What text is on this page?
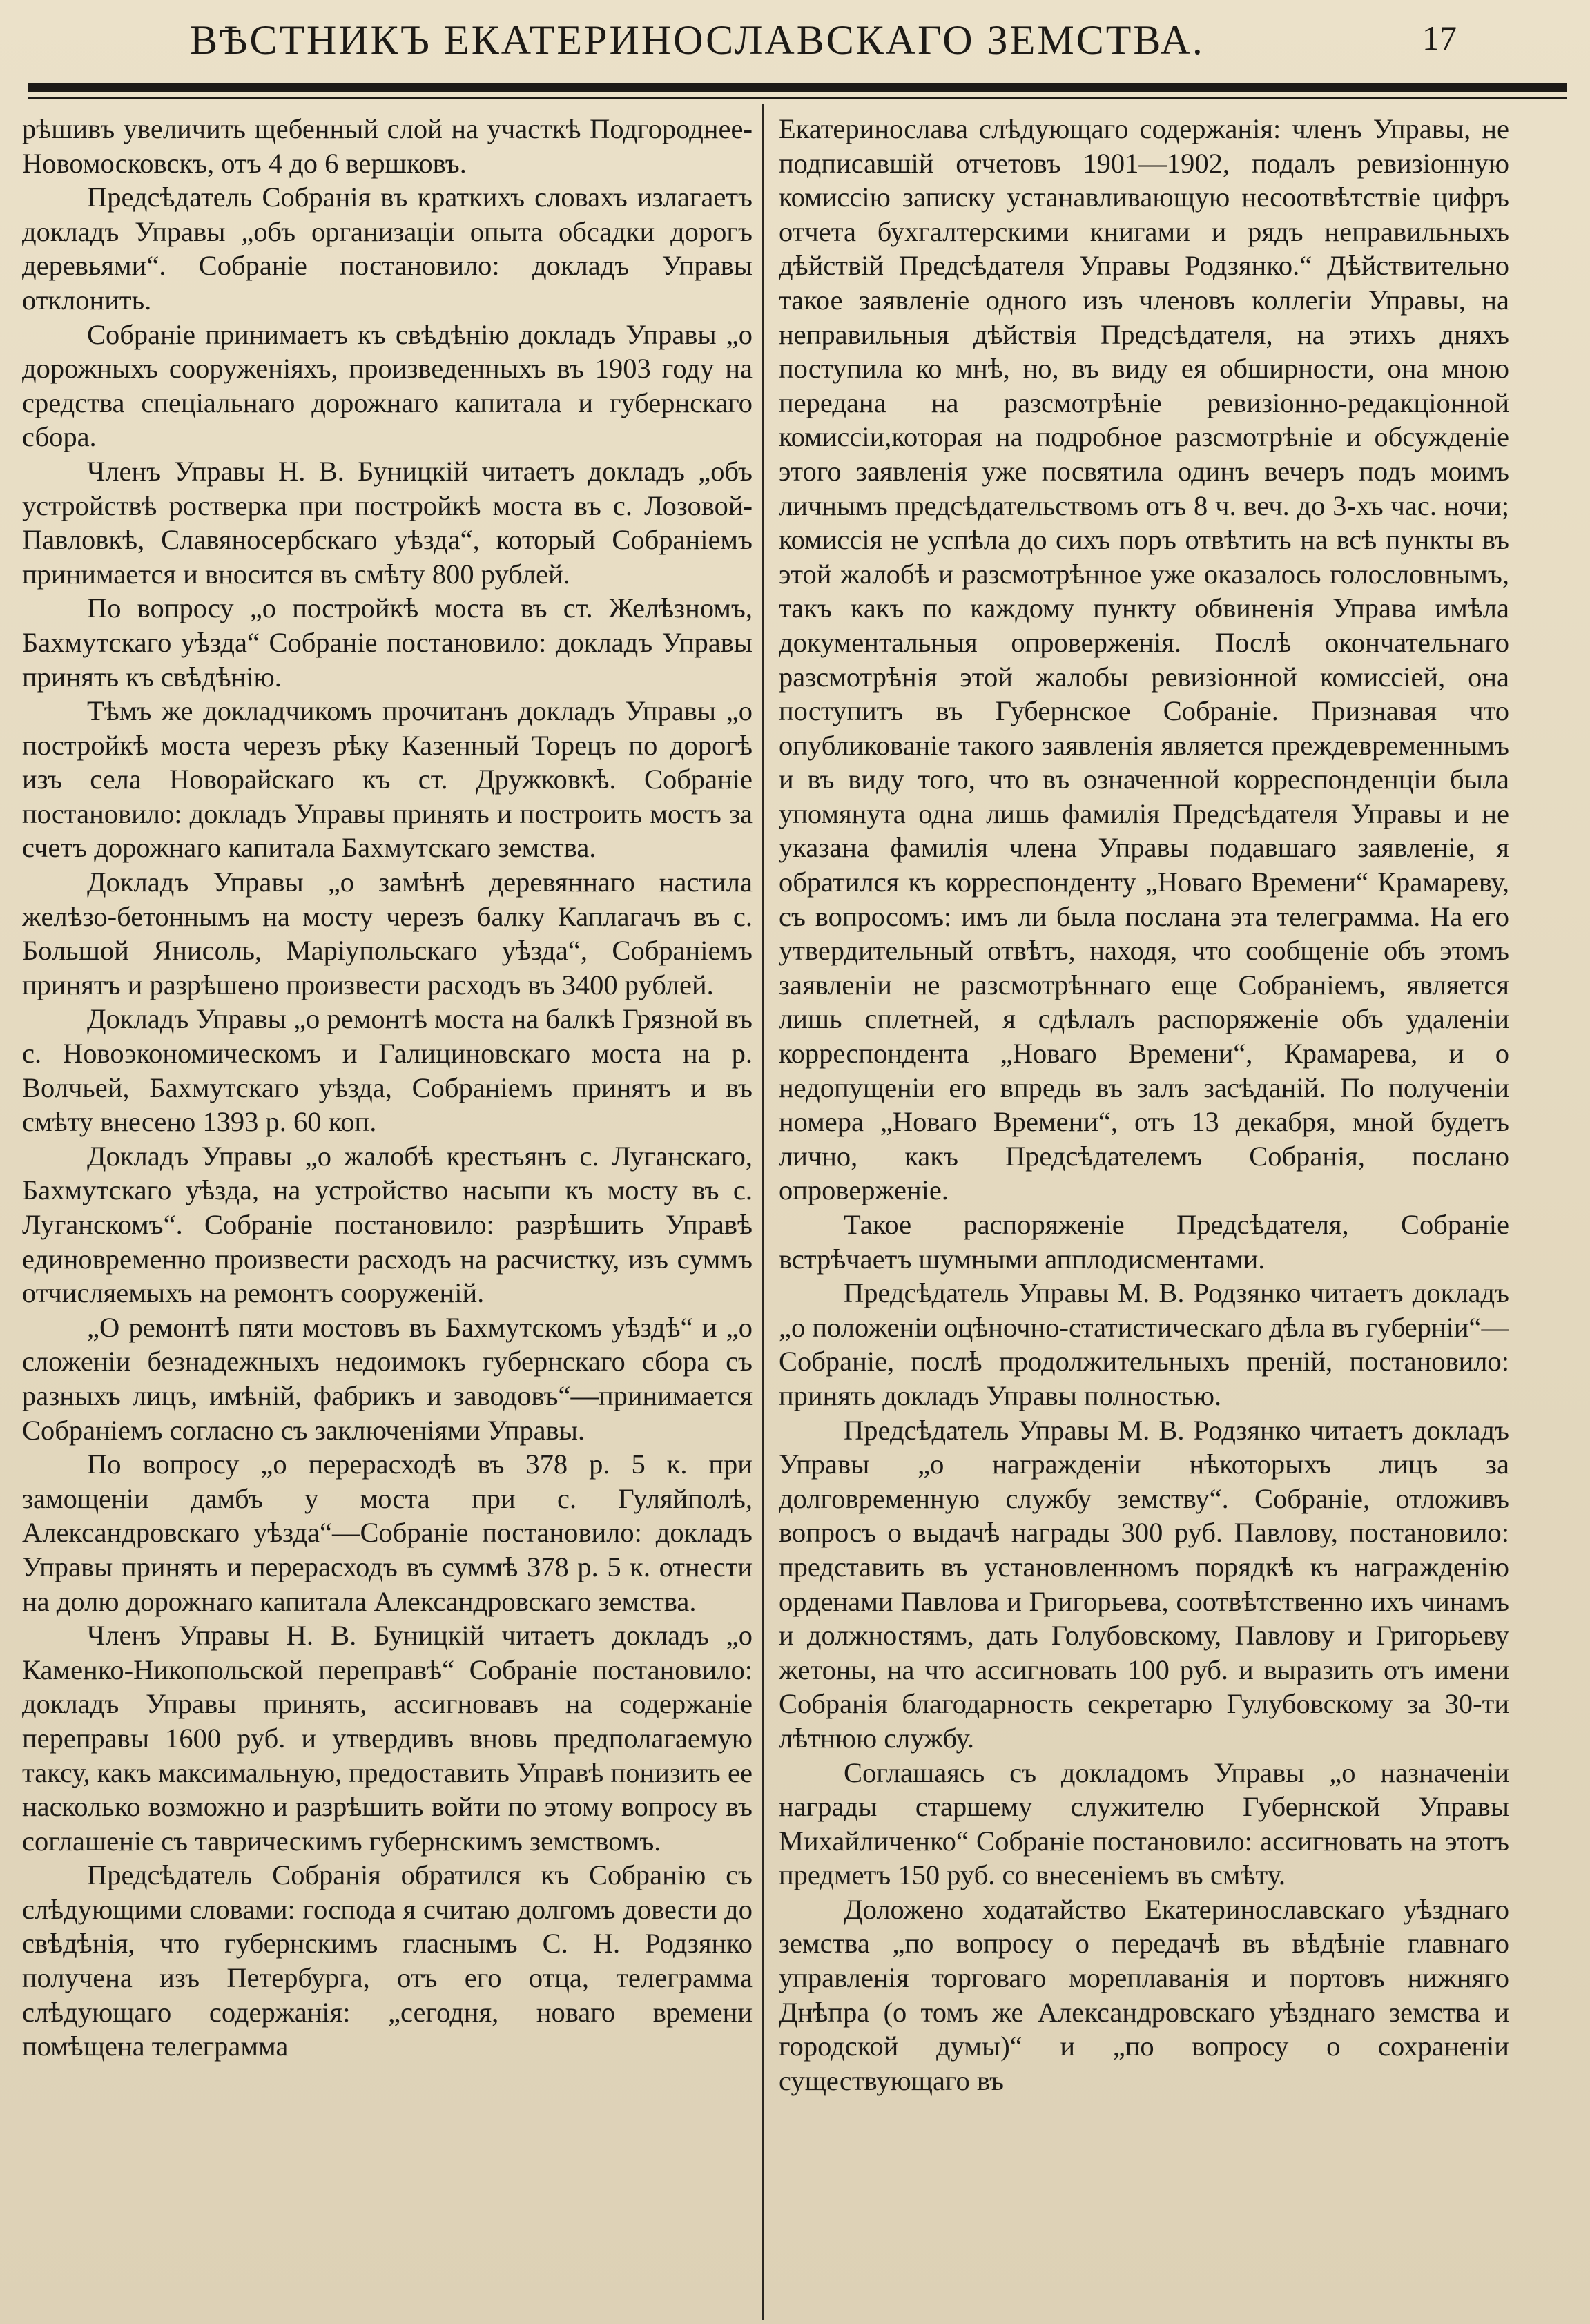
ВѢСТНИКЪ ЕКАТЕРИНОСЛАВСКАГО ЗЕМСТВА.	17

рѣшивъ увеличить щебенный слой на участкѣ Подгороднее-Новомосковскъ, отъ 4 до 6 вершковъ.

Предсѣдатель Собранія въ краткихъ словахъ излагаетъ докладъ Управы „объ организаціи опыта обсадки дорогъ деревьями“. Собраніе постановило: докладъ Управы отклонить.

Собраніе принимаетъ къ свѣдѣнію докладъ Управы „о дорожныхъ сооруженіяхъ, произведенныхъ въ 1903 году на средства спеціальнаго дорожнаго капитала и губернскаго сбора.

Членъ Управы Н. В. Буницкій читаетъ докладъ „объ устройствѣ ростверка при постройкѣ моста въ с. Лозовой-Павловкѣ, Славяносербскаго уѣзда“, который Собраніемъ принимается и вносится въ смѣту 800 рублей.

По вопросу „о постройкѣ моста въ ст. Желѣзномъ, Бахмутскаго уѣзда“ Собраніе постановило: докладъ Управы принять къ свѣдѣнію.

Тѣмъ же докладчикомъ прочитанъ докладъ Управы „о постройкѣ моста черезъ рѣку Казенный Торецъ по дорогѣ изъ села Новорайскаго къ ст. Дружковкѣ. Собраніе постановило: докладъ Управы принять и построить мостъ за счетъ дорожнаго капитала Бахмутскаго земства.

Докладъ Управы „о замѣнѣ деревяннаго настила желѣзо-бетоннымъ на мосту черезъ балку Каплагачъ въ с. Большой Янисоль, Маріупольскаго уѣзда“, Собраніемъ принятъ и разрѣшено произвести расходъ въ 3400 рублей.

Докладъ Управы „о ремонтѣ моста на балкѣ Грязной въ с. Новоэкономическомъ и Галициновскаго моста на р. Волчьей, Бахмутскаго уѣзда, Собраніемъ принятъ и въ смѣту внесено 1393 р. 60 коп.

Докладъ Управы „о жалобѣ крестьянъ с. Луганскаго, Бахмутскаго уѣзда, на устройство насыпи къ мосту въ с. Луганскомъ“. Собраніе постановило: разрѣшить Управѣ единовременно произвести расходъ на расчистку, изъ суммъ отчисляемыхъ на ремонтъ сооруженій.

„О ремонтѣ пяти мостовъ въ Бахмутскомъ уѣздѣ“ и „о сложеніи безнадежныхъ недоимокъ губернскаго сбора съ разныхъ лицъ, имѣній, фабрикъ и заводовъ“—принимается Собраніемъ согласно съ заключеніями Управы.

По вопросу „о перерасходѣ въ 378 р. 5 к. при замощеніи дамбъ у моста при с. Гуляйполѣ, Александровскаго уѣзда“—Собраніе постановило: докладъ Управы принять и перерасходъ въ суммѣ 378 р. 5 к. отнести на долю дорожнаго капитала Александровскаго земства.

Членъ Управы Н. В. Буницкій читаетъ докладъ „о Каменко-Никопольской переправѣ“ Собраніе постановило: докладъ Управы принять, ассигновавъ на содержаніе переправы 1600 руб. и утвердивъ вновь предполагаемую таксу, какъ максимальную, предоставить Управѣ понизить ее насколько возможно и разрѣшить войти по этому вопросу въ соглашеніе съ таврическимъ губернскимъ земствомъ.

Предсѣдатель Собранія обратился къ Собранію съ слѣдующими словами: господа я считаю долгомъ довести до свѣдѣнія, что губернскимъ гласнымъ С. Н. Родзянко получена изъ Петербурга, отъ его отца, телеграмма слѣдующаго содержанія: „сегодня, новаго времени помѣщена телеграмма

Екатеринослава слѣдующаго содержанія: членъ Управы, не подписавшій отчетовъ 1901—1902, подалъ ревизіонную комиссію записку устанавливающую несоотвѣтствіе цифръ отчета бухгалтерскими книгами и рядъ неправильныхъ дѣйствій Предсѣдателя Управы Родзянко.“ Дѣйствительно такое заявленіе одного изъ членовъ коллегіи Управы, на неправильныя дѣйствія Предсѣдателя, на этихъ дняхъ поступила ко мнѣ, но, въ виду ея обширности, она мною передана на разсмотрѣніе ревизіонно-редакціонной комиссіи,которая на подробное разсмотрѣніе и обсужденіе этого заявленія уже посвятила одинъ вечеръ подъ моимъ личнымъ предсѣдательствомъ отъ 8 ч. веч. до 3-хъ час. ночи; комиссія не успѣла до сихъ поръ отвѣтить на всѣ пункты въ этой жалобѣ и разсмотрѣнное уже оказалось голословнымъ, такъ какъ по каждому пункту обвиненія Управа имѣла документальныя опроверженія. Послѣ окончательнаго разсмотрѣнія этой жалобы ревизіонной комиссіей, она поступитъ въ Губернское Собраніе. Признавая что опубликованіе такого заявленія является преждевременнымъ и въ виду того, что въ означенной корреспонденціи была упомянута одна лишь фамилія Предсѣдателя Управы и не указана фамилія члена Управы подавшаго заявленіе, я обратился къ корреспонденту „Новаго Времени“ Крамареву, съ вопросомъ: имъ ли была послана эта телеграмма. На его утвердительный отвѣтъ, находя, что сообщеніе объ этомъ заявленіи не разсмотрѣннаго еще Собраніемъ, является лишь сплетней, я сдѣлалъ распоряженіе объ удаленіи корреспондента „Новаго Времени“, Крамарева, и о недопущеніи его впредь въ залъ засѣданій. По полученіи номера „Новаго Времени“, отъ 13 декабря, мной будетъ лично, какъ Предсѣдателемъ Собранія, послано опроверженіе.

Такое распоряженіе Предсѣдателя, Собраніе встрѣчаетъ шумными апплодисментами.

Предсѣдатель Управы М. В. Родзянко читаетъ докладъ „о положеніи оцѣночно-статистическаго дѣла въ губерніи“—Собраніе, послѣ продолжительныхъ преній, постановило: принять докладъ Управы полностью.

Предсѣдатель Управы М. В. Родзянко читаетъ докладъ Управы „о награжденіи нѣкоторыхъ лицъ за долговременную службу земству“. Собраніе, отложивъ вопросъ о выдачѣ награды 300 руб. Павлову, постановило: представить въ установленномъ порядкѣ къ награжденію орденами Павлова и Григорьева, соотвѣтственно ихъ чинамъ и должностямъ, дать Голубовскому, Павлову и Григорьеву жетоны, на что ассигновать 100 руб. и выразить отъ имени Собранія благодарность секретарю Гулубовскому за 30-ти лѣтнюю службу.

Соглашаясь съ докладомъ Управы „о назначеніи награды старшему служителю Губернской Управы Михайличенко“ Собраніе постановило: ассигновать на этотъ предметъ 150 руб. со внесеніемъ въ смѣту.

Доложено ходатайство Екатеринославскаго уѣзднаго земства „по вопросу о передачѣ въ вѣдѣніе главнаго управленія торговаго мореплаванія и портовъ нижняго Днѣпра (о томъ же Александровскаго уѣзднаго земства и городской думы)“ и „по вопросу о сохраненіи существующаго въ
